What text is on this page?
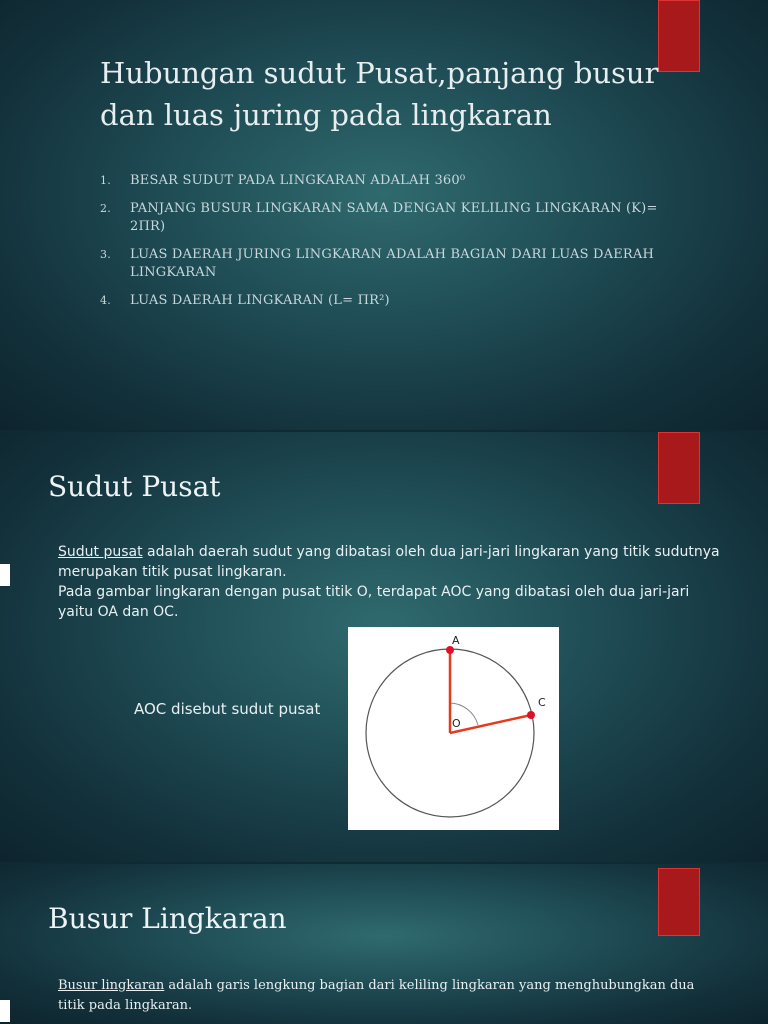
Hubungan sudut Pusat,panjang busur dan luas juring pada lingkaran
1. BESAR SUDUT PADA LINGKARAN ADALAH 360⁰
2. PANJANG BUSUR LINGKARAN SAMA DENGAN KELILING LINGKARAN (K)= 2ΠR)
3. LUAS DAERAH JURING LINGKARAN ADALAH BAGIAN DARI LUAS DAERAH LINGKARAN
4. LUAS DAERAH LINGKARAN (L= ΠR²)
Sudut Pusat

Sudut pusat adalah daerah sudut yang dibatasi oleh dua jari-jari lingkaran yang titik sudutnya merupakan titik pusat lingkaran.

Pada gambar lingkaran dengan pusat titik O, terdapat AOC yang dibatasi oleh dua jari-jari yaitu OA dan OC.

AOC disebut sudut pusat

A
C
O
Busur Lingkaran

Busur lingkaran adalah garis lengkung bagian dari keliling lingkaran yang menghubungkan dua titik pada lingkaran.
